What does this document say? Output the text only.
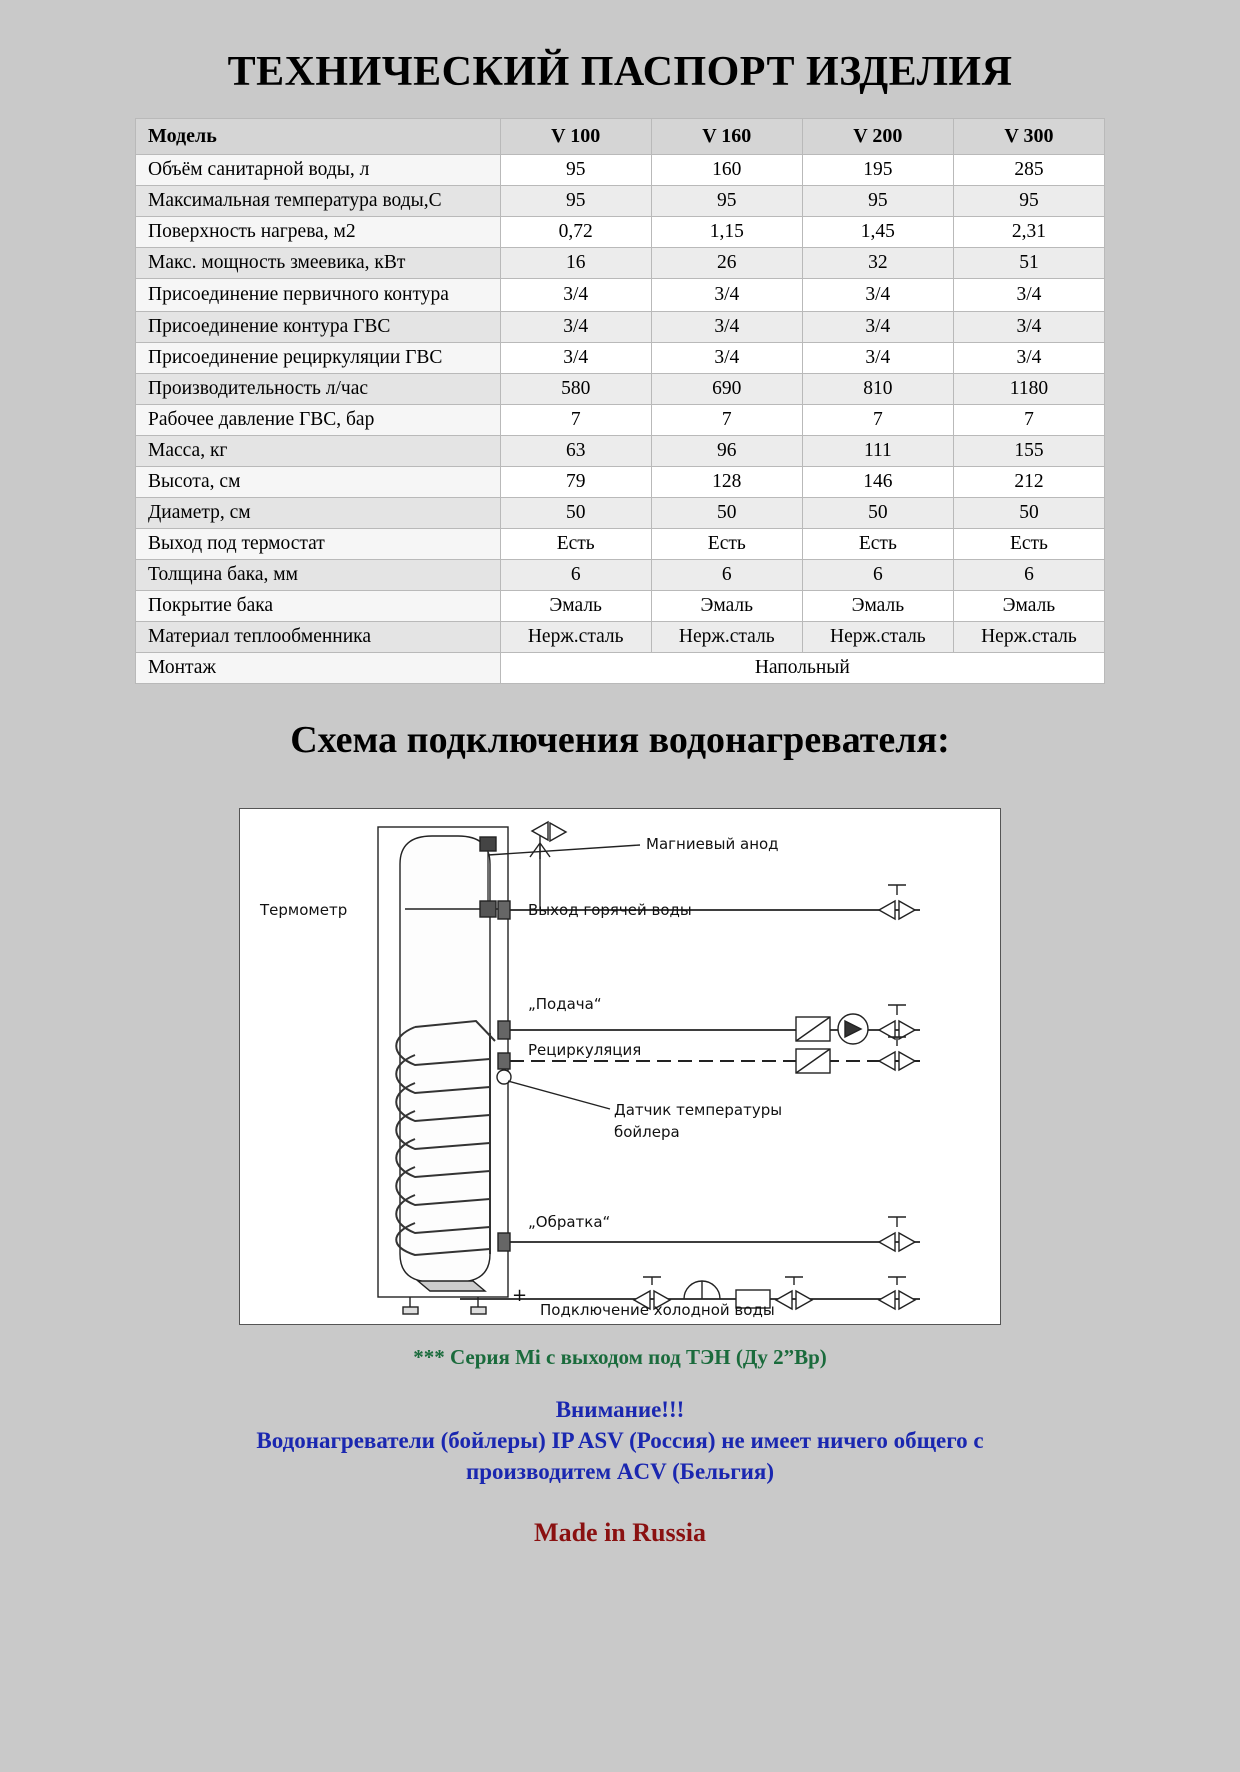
ТЕХНИЧЕСКИЙ ПАСПОРТ ИЗДЕЛИЯ
Модель	V 100	V 160	V 200	V 300
Объём санитарной воды, л	95	160	195	285
Максимальная температура воды,С	95	95	95	95
Поверхность нагрева, м2	0,72	1,15	1,45	2,31
Макс. мощность змеевика, кВт	16	26	32	51
Присоединение первичного контура	3/4	3/4	3/4	3/4
Присоединение контура ГВС	3/4	3/4	3/4	3/4
Присоединение рециркуляции ГВС	3/4	3/4	3/4	3/4
Производительность л/час	580	690	810	1180
Рабочее давление ГВС, бар	7	7	7	7
Масса, кг	63	96	111	155
Высота, см	79	128	146	212
Диаметр, см	50	50	50	50
Выход под термостат	Есть	Есть	Есть	Есть
Толщина бака, мм	6	6	6	6
Покрытие бака	Эмаль	Эмаль	Эмаль	Эмаль
Материал теплообменника	Нерж.сталь	Нерж.сталь	Нерж.сталь	Нерж.сталь
Монтаж	Напольный			
Схема подключения водонагревателя:
Термометр
Магниевый анод
Выход горячей воды
„Подача“
Рециркуляция
Датчик температуры
бойлера
„Обратка“
Подключение холодной воды
+
*** Серия Mi с выходом под ТЭН (Ду 2”Вр)
Внимание!!!
Водонагреватели (бойлеры) IP ASV (Россия) не имеет ничего общего с
производитем ACV (Бельгия)
Made in Russia
